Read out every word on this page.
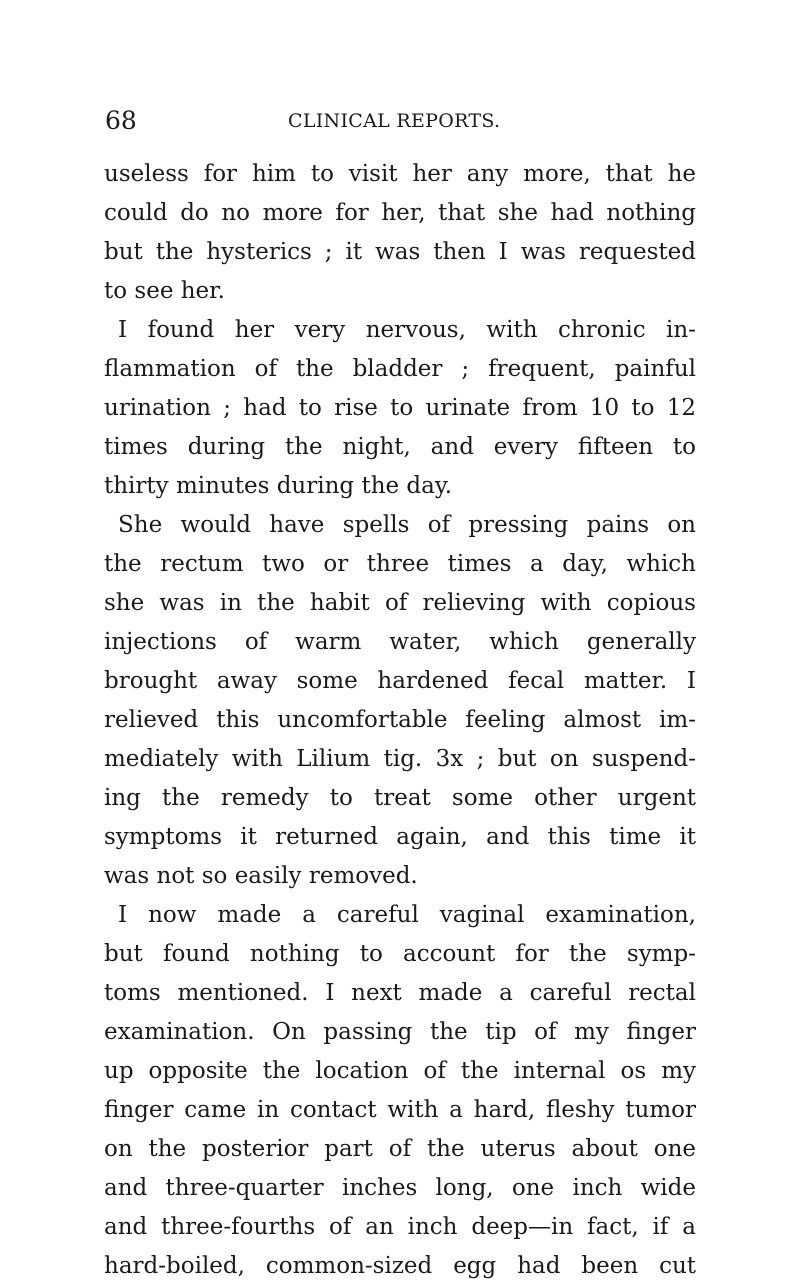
68	CLINICAL REPORTS.
useless for him to visit her any more, that he
could do no more for her, that she had nothing
but the hysterics ; it was then I was requested
to see her.
I found her very nervous, with chronic in-
flammation of the bladder ; frequent, painful
urination ; had to rise to urinate from 10 to 12
times during the night, and every fifteen to
thirty minutes during the day.
She would have spells of pressing pains on
the rectum two or three times a day, which
she was in the habit of relieving with copious
injections of warm water, which generally
brought away some hardened fecal matter. I
relieved this uncomfortable feeling almost im-
mediately with Lilium tig. 3x ; but on suspend-
ing the remedy to treat some other urgent
symptoms it returned again, and this time it
was not so easily removed.
I now made a careful vaginal examination,
but found nothing to account for the symp-
toms mentioned. I next made a careful rectal
examination. On passing the tip of my finger
up opposite the location of the internal os my
finger came in contact with a hard, fleshy tumor
on the posterior part of the uterus about one
and three-quarter inches long, one inch wide
and three-fourths of an inch deep—in fact, if a
hard-boiled, common-sized egg had been cut
